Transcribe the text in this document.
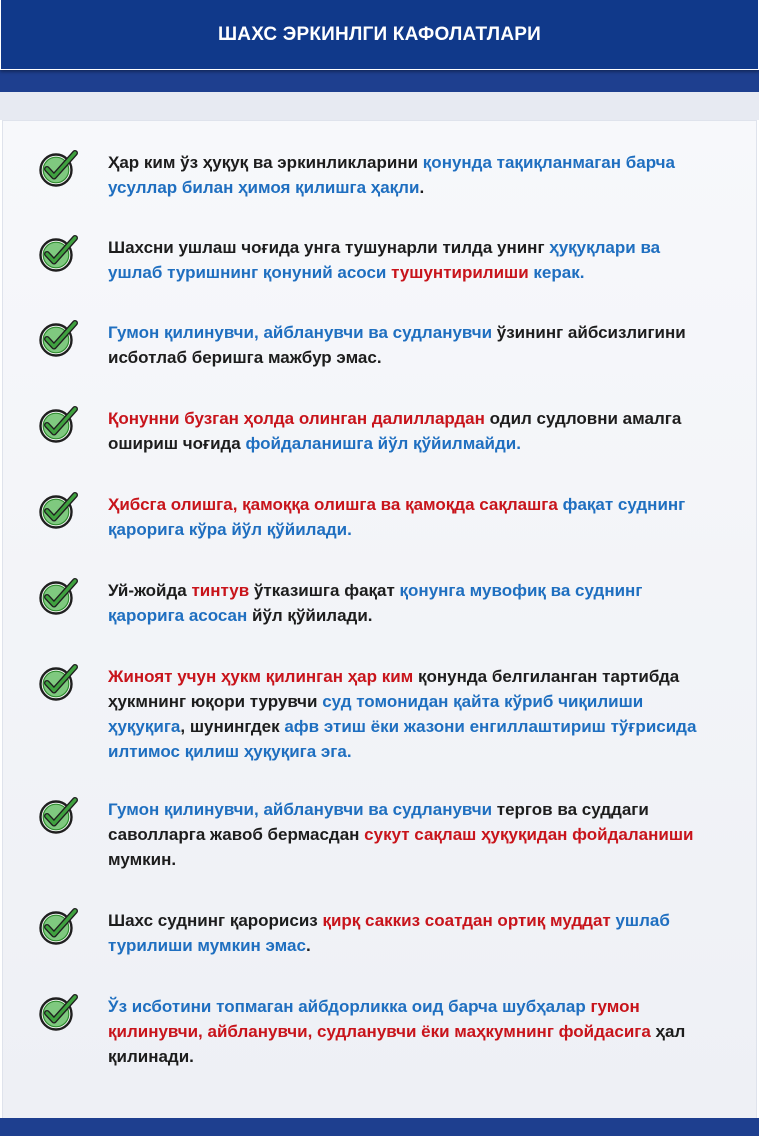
ШАХС ЭРКИНЛГИ КАФОЛАТЛАРИ
Ҳар ким ўз ҳуқуқ ва эркинликларини қонунда тақиқланмаган барча усуллар билан ҳимоя қилишга ҳақли.
Шахсни ушлаш чоғида унга тушунарли тилда унинг ҳуқуқлари ва ушлаб туришнинг қонуний асоси тушунтирилиши керак.
Гумон қилинувчи, айбланувчи ва судланувчи ўзининг айбсизлигини исботлаб беришга мажбур эмас.
Қонунни бузган ҳолда олинган далиллардан одил судловни амалга ошириш чоғида фойдаланишга йўл қўйилмайди.
Ҳибсга олишга, қамоққа олишга ва қамоқда сақлашга фақат суднинг қарорига кўра йўл қўйилади.
Уй-жойда тинтув ўтказишга фақат қонунга мувофиқ ва суднинг қарорига асосан йўл қўйилади.
Жиноят учун ҳукм қилинган ҳар ким қонунда белгиланган тартибда ҳукмнинг юқори турувчи суд томонидан қайта кўриб чиқилиши ҳуқуқига, шунингдек афв этиш ёки жазони енгиллаштириш тўғрисида илтимос қилиш ҳуқуқига эга.
Гумон қилинувчи, айбланувчи ва судланувчи тергов ва суддаги саволларга жавоб бермасдан сукут сақлаш ҳуқуқидан фойдаланиши мумкин.
Шахс суднинг қарорисиз қирқ саккиз соатдан ортиқ муддат ушлаб турилиши мумкин эмас.
Ўз исботини топмаган айбдорликка оид барча шубҳалар гумон қилинувчи, айбланувчи, судланувчи ёки маҳкумнинг фойдасига ҳал қилинади.
